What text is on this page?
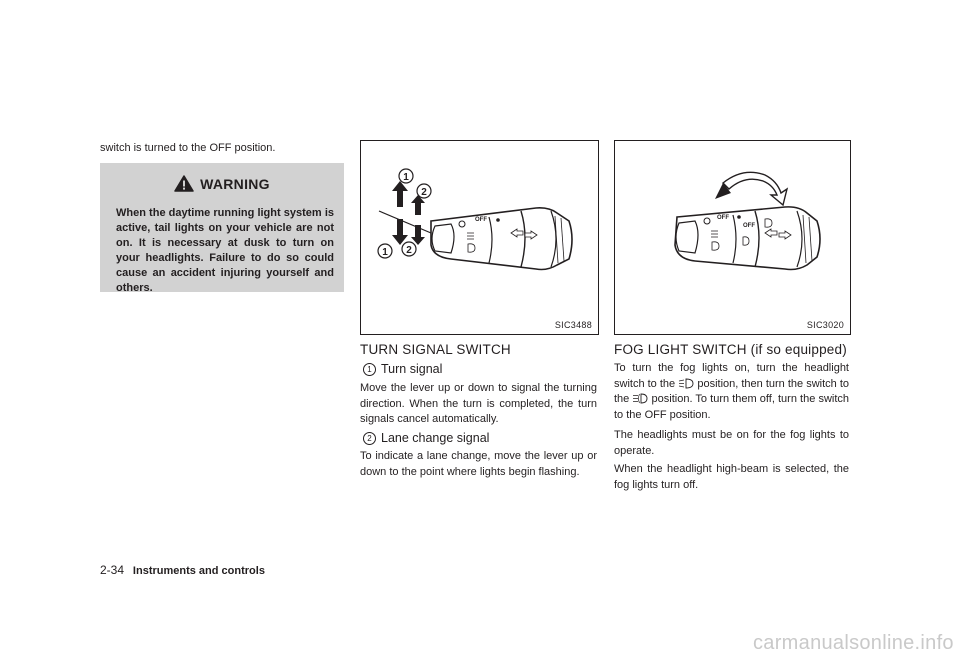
switch is turned to the OFF position.
WARNING
When the daytime running light system is active, tail lights on your vehicle are not on. It is necessary at dusk to turn on your headlights. Failure to do so could cause an accident injuring yourself and others.
OFF
1
2
1 2
SIC3488
TURN SIGNAL SWITCH
1 Turn signal
Move the lever up or down to signal the turning direction. When the turn is completed, the turn signals cancel automatically.
2 Lane change signal
To indicate a lane change, move the lever up or down to the point where lights begin flashing.
OFF
OFF
SIC3020
FOG LIGHT SWITCH (if so equipped)
To turn the fog lights on, turn the headlight switch to the position, then turn the switch to the position. To turn them off, turn the switch to the OFF position.
The headlights must be on for the fog lights to operate.
When the headlight high-beam is selected, the fog lights turn off.
2-34 Instruments and controls
carmanualsonline.info
